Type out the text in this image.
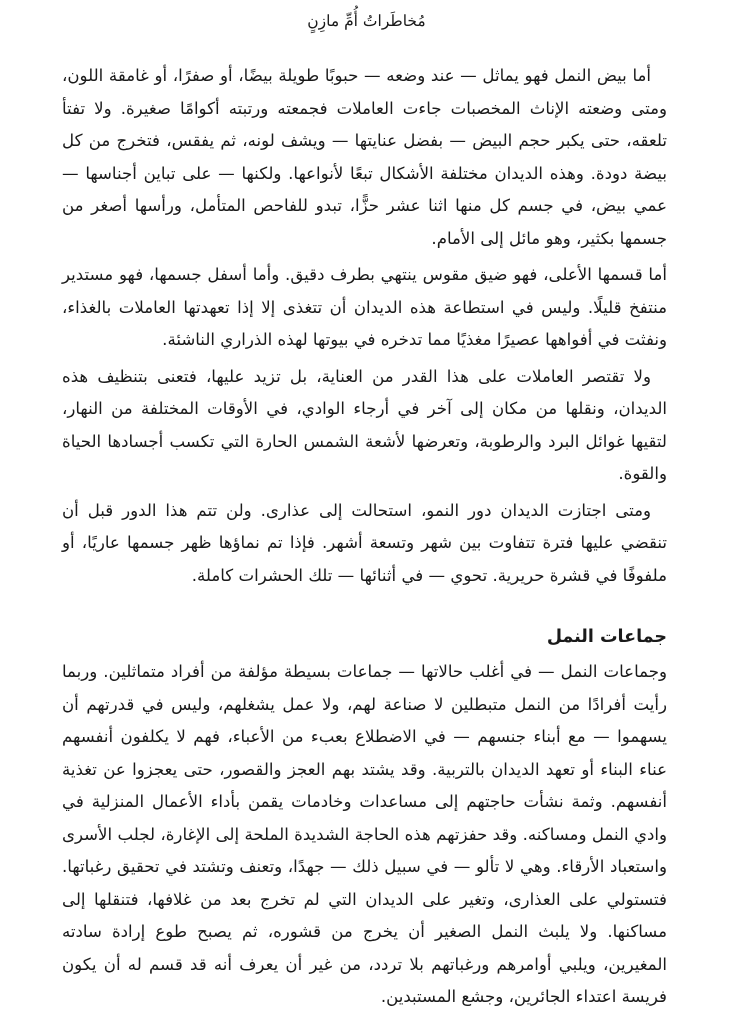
مُخاطَراتُ أُمِّ مازِنٍ

أما بيض النمل فهو يماثل — عند وضعه — حبوبًا طويلة بيضًا، أو صفرًا، أو غامقة اللون، ومتى وضعته الإناث المخصبات جاءت العاملات فجمعته ورتبته أكوامًا صغيرة. ولا تفتأ تلعقه، حتى يكبر حجم البيض — بفضل عنايتها — ويشف لونه، ثم يفقس، فتخرج من كل بيضة دودة. وهذه الديدان مختلفة الأشكال تبعًا لأنواعها. ولكنها — على تباين أجناسها — عمي بيض، في جسم كل منها اثنا عشر حزًّا، تبدو للفاحص المتأمل، ورأسها أصغر من جسمها بكثير، وهو مائل إلى الأمام.

أما قسمها الأعلى، فهو ضيق مقوس ينتهي بطرف دقيق. وأما أسفل جسمها، فهو مستدير منتفخ قليلًا. وليس في استطاعة هذه الديدان أن تتغذى إلا إذا تعهدتها العاملات بالغذاء، ونفثت في أفواهها عصيرًا مغذيًا مما تدخره في بيوتها لهذه الذراري الناشئة.

ولا تقتصر العاملات على هذا القدر من العناية، بل تزيد عليها، فتعنى بتنظيف هذه الديدان، ونقلها من مكان إلى آخر في أرجاء الوادي، في الأوقات المختلفة من النهار، لتقيها غوائل البرد والرطوبة، وتعرضها لأشعة الشمس الحارة التي تكسب أجسادها الحياة والقوة.

ومتى اجتازت الديدان دور النمو، استحالت إلى عذارى. ولن تتم هذا الدور قبل أن تنقضي عليها فترة تتفاوت بين شهر وتسعة أشهر. فإذا تم نماؤها ظهر جسمها عاريًا، أو ملفوفًا في قشرة حريرية. تحوي — في أثنائها — تلك الحشرات كاملة.

جماعات النمل

وجماعات النمل — في أغلب حالاتها — جماعات بسيطة مؤلفة من أفراد متماثلين. وربما رأيت أفرادًا من النمل متبطلين لا صناعة لهم، ولا عمل يشغلهم، وليس في قدرتهم أن يسهموا — مع أبناء جنسهم — في الاضطلاع بعبء من الأعباء، فهم لا يكلفون أنفسهم عناء البناء أو تعهد الديدان بالتربية. وقد يشتد بهم العجز والقصور، حتى يعجزوا عن تغذية أنفسهم. وثمة نشأت حاجتهم إلى مساعدات وخادمات يقمن بأداء الأعمال المنزلية في وادي النمل ومساكنه. وقد حفزتهم هذه الحاجة الشديدة الملحة إلى الإغارة، لجلب الأسرى واستعباد الأرقاء. وهي لا تألو — في سبيل ذلك — جهدًا، وتعنف وتشتد في تحقيق رغباتها. فتستولي على العذارى، وتغير على الديدان التي لم تخرج بعد من غلافها، فتنقلها إلى مساكنها. ولا يلبث النمل الصغير أن يخرج من قشوره، ثم يصبح طوع إرادة سادته المغيرين، ويلبي أوامرهم ورغباتهم بلا تردد، من غير أن يعرف أنه قد قسم له أن يكون فريسة اعتداء الجائرين، وجشع المستبدين.
